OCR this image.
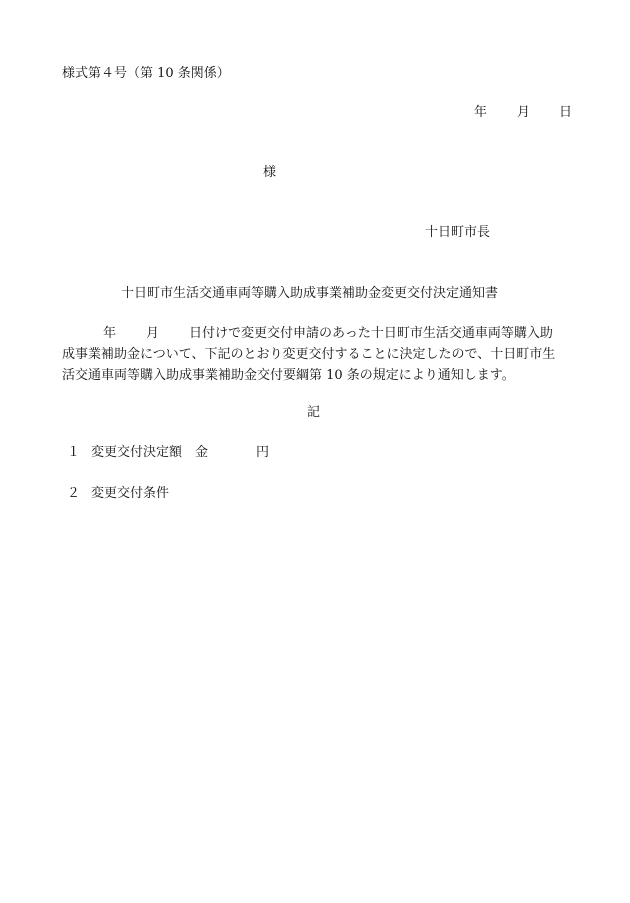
様式第４号（第 10 条関係）
年 月 日
様
十日町市長
十日町市生活交通車両等購入助成事業補助金変更交付決定通知書
年 月 日付けで変更交付申請のあった十日町市生活交通車両等購入助
成事業補助金について、下記のとおり変更交付することに決定したので、十日町市生
活交通車両等購入助成事業補助金交付要綱第 10 条の規定により通知します。
記
１ 変更交付決定額 金	円
２ 変更交付条件
